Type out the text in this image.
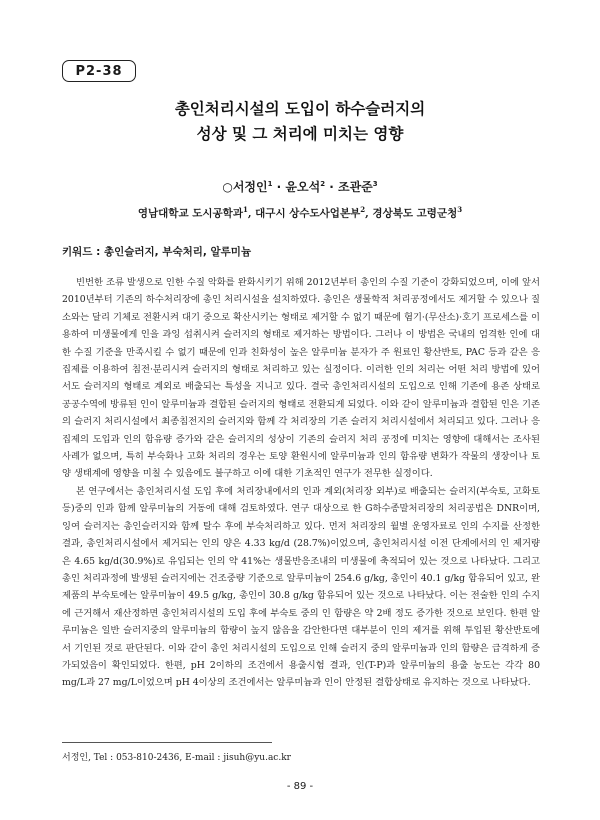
P2-38
총인처리시설의 도입이 하수슬러지의
성상 및 그 처리에 미치는 영향
○서정인$^1$ · 윤오석$^2$ · 조관준$^3$
영남대학교 도시공학과$^1$, 대구시 상수도사업본부$^2$, 경상북도 고령군청$^3$
키워드 : 총인슬러지, 부숙처리, 알루미늄

빈번한 조류 발생으로 인한 수질 악화를 완화시키기 위해 2012년부터 총인의 수질 기준이 강화되었으며, 이에 앞서 2010년부터 기존의 하수처리장에 총인 처리시설을 설치하였다. 총인은 생물학적 처리공정에서도 제거할 수 있으나 질소와는 달리 기체로 전환시켜 대기 중으로 확산시키는 형태로 제거할 수 없기 때문에 혐기·(무산소)·호기 프로세스를 이용하여 미생물에게 인을 과잉 섭취시켜 슬러지의 형태로 제거하는 방법이다. 그러나 이 방법은 국내의 엄격한 인에 대한 수질 기준을 만족시킬 수 없기 때문에 인과 친화성이 높은 알루미늄 분자가 주 원료인 황산반토, PAC 등과 같은 응집제를 이용하여 침전·분리시켜 슬러지의 형태로 처리하고 있는 실정이다. 이러한 인의 처리는 어떤 처리 방법에 있어서도 슬러지의 형태로 계외로 배출되는 특성을 지니고 있다. 결국 총인처리시설의 도입으로 인해 기존에 용존 상태로 공공수역에 방류된 인이 알루미늄과 결합된 슬러지의 형태로 전환되게 되었다. 이와 같이 알루미늄과 결합된 인은 기존의 슬러지 처리시설에서 최종침전지의 슬러지와 함께 각 처리장의 기존 슬러지 처리시설에서 처리되고 있다. 그러나 응집제의 도입과 인의 함유량 증가와 같은 슬러지의 성상이 기존의 슬러지 처리 공정에 미치는 영향에 대해서는 조사된 사례가 없으며, 특히 부숙화나 고화 처리의 경우는 토양 환원시에 알루미늄과 인의 함유량 변화가 작물의 생장이나 토양 생태계에 영향을 미칠 수 있음에도 불구하고 이에 대한 기초적인 연구가 전무한 실정이다.

본 연구에서는 총인처리시설 도입 후에 처리장내에서의 인과 계외(처리장 외부)로 배출되는 슬러지(부숙토, 고화토 등)중의 인과 함께 알루미늄의 거동에 대해 검토하였다. 연구 대상으로 한 G하수종말처리장의 처리공법은 DNR이며, 잉여 슬러지는 총인슬러지와 함께 탈수 후에 부숙처리하고 있다. 먼저 처리장의 월별 운영자료로 인의 수지를 산정한 결과, 총인처리시설에서 제거되는 인의 양은 4.33 kg/d (28.7%)이었으며, 총인처리시설 이전 단계에서의 인 제거량은 4.65 kg/d(30.9%)로 유입되는 인의 약 41%는 생물반응조내의 미생물에 축적되어 있는 것으로 나타났다. 그리고 총인 처리과정에 발생된 슬러지에는 건조중량 기준으로 알루미늄이 254.6 g/kg, 총인이 40.1 g/kg 함유되어 있고, 완제품의 부숙토에는 알루미늄이 49.5 g/kg, 총인이 30.8 g/kg 함유되어 있는 것으로 나타났다. 이는 전술한 인의 수지에 근거해서 재산정하면 총인처리시설의 도입 후에 부숙토 중의 인 함량은 약 2배 정도 증가한 것으로 보인다. 한편 알루미늄은 일반 슬러지중의 알루미늄의 함량이 높지 않음을 감안한다면 대부분이 인의 제거를 위해 투입된 황산반토에서 기인된 것로 판단된다. 이와 같이 총인 처리시설의 도입으로 인해 슬러지 중의 알루미늄과 인의 함량은 급격하게 증가되었음이 확인되었다. 한편, pH 2이하의 조건에서 용출시험 결과, 인(T-P)과 알루미늄의 용출 농도는 각각 80 mg/L과 27 mg/L이었으며 pH 4이상의 조건에서는 알루미늄과 인이 안정된 결합상태로 유지하는 것으로 나타났다.

서정인, Tel : 053-810-2436, E-mail : jisuh@yu.ac.kr
- 89 -
